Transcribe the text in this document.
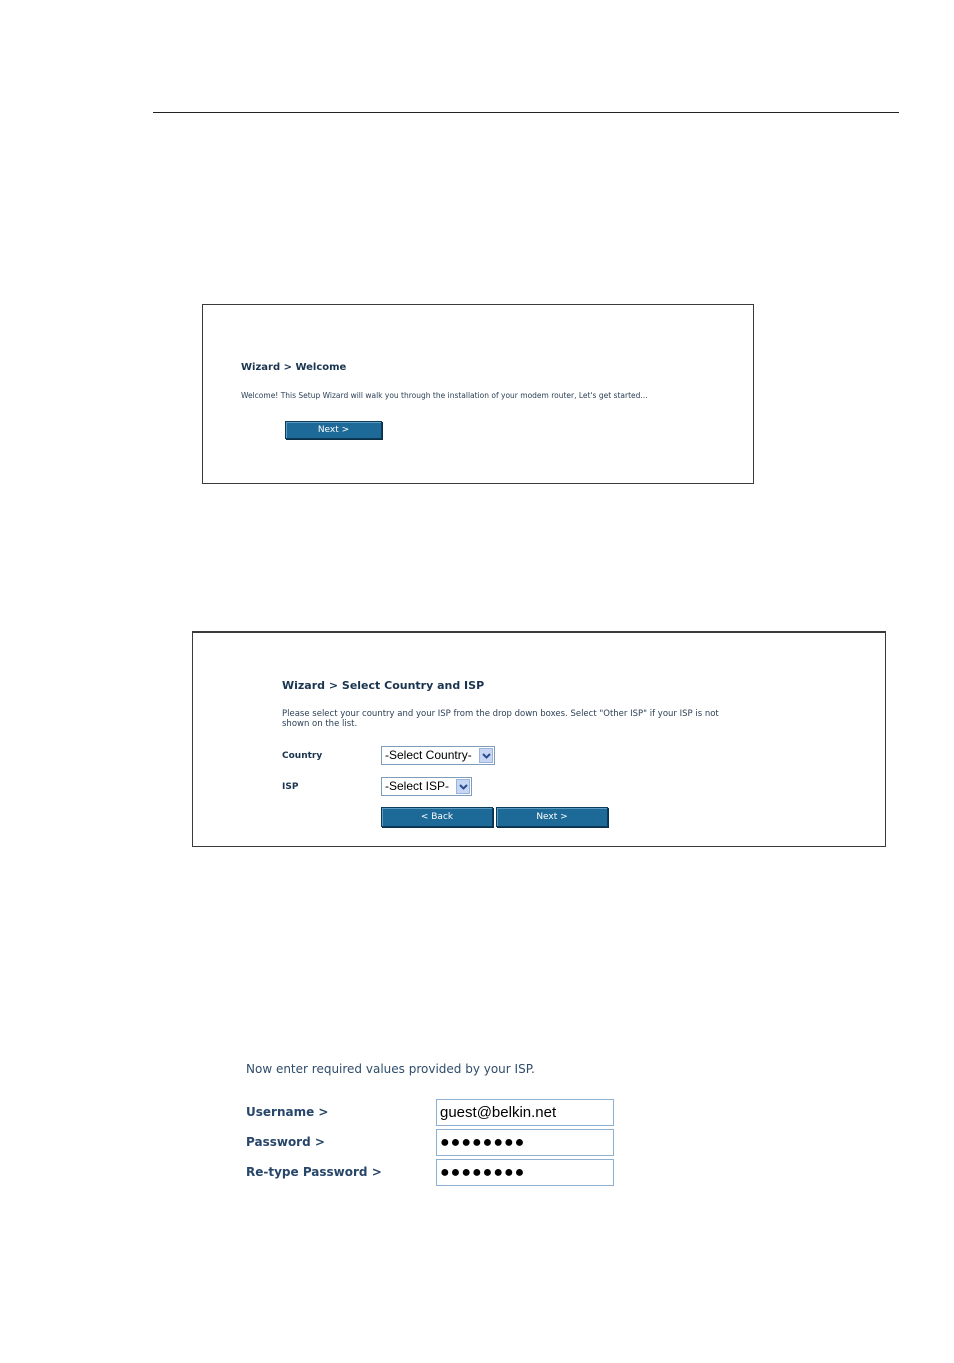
Wizard > Welcome
Welcome! This Setup Wizard will walk you through the installation of your modem router, Let's get started...
Next >
Wizard > Select Country and ISP
Please select your country and your ISP from the drop down boxes. Select "Other ISP" if your ISP is not
shown on the list.
Country	-Select Country-
ISP	-Select ISP-
< Back	Next >
Now enter required values provided by your ISP.
Username >
guest@belkin.net
Password >
●●●●●●●●
Re-type Password >
●●●●●●●●
